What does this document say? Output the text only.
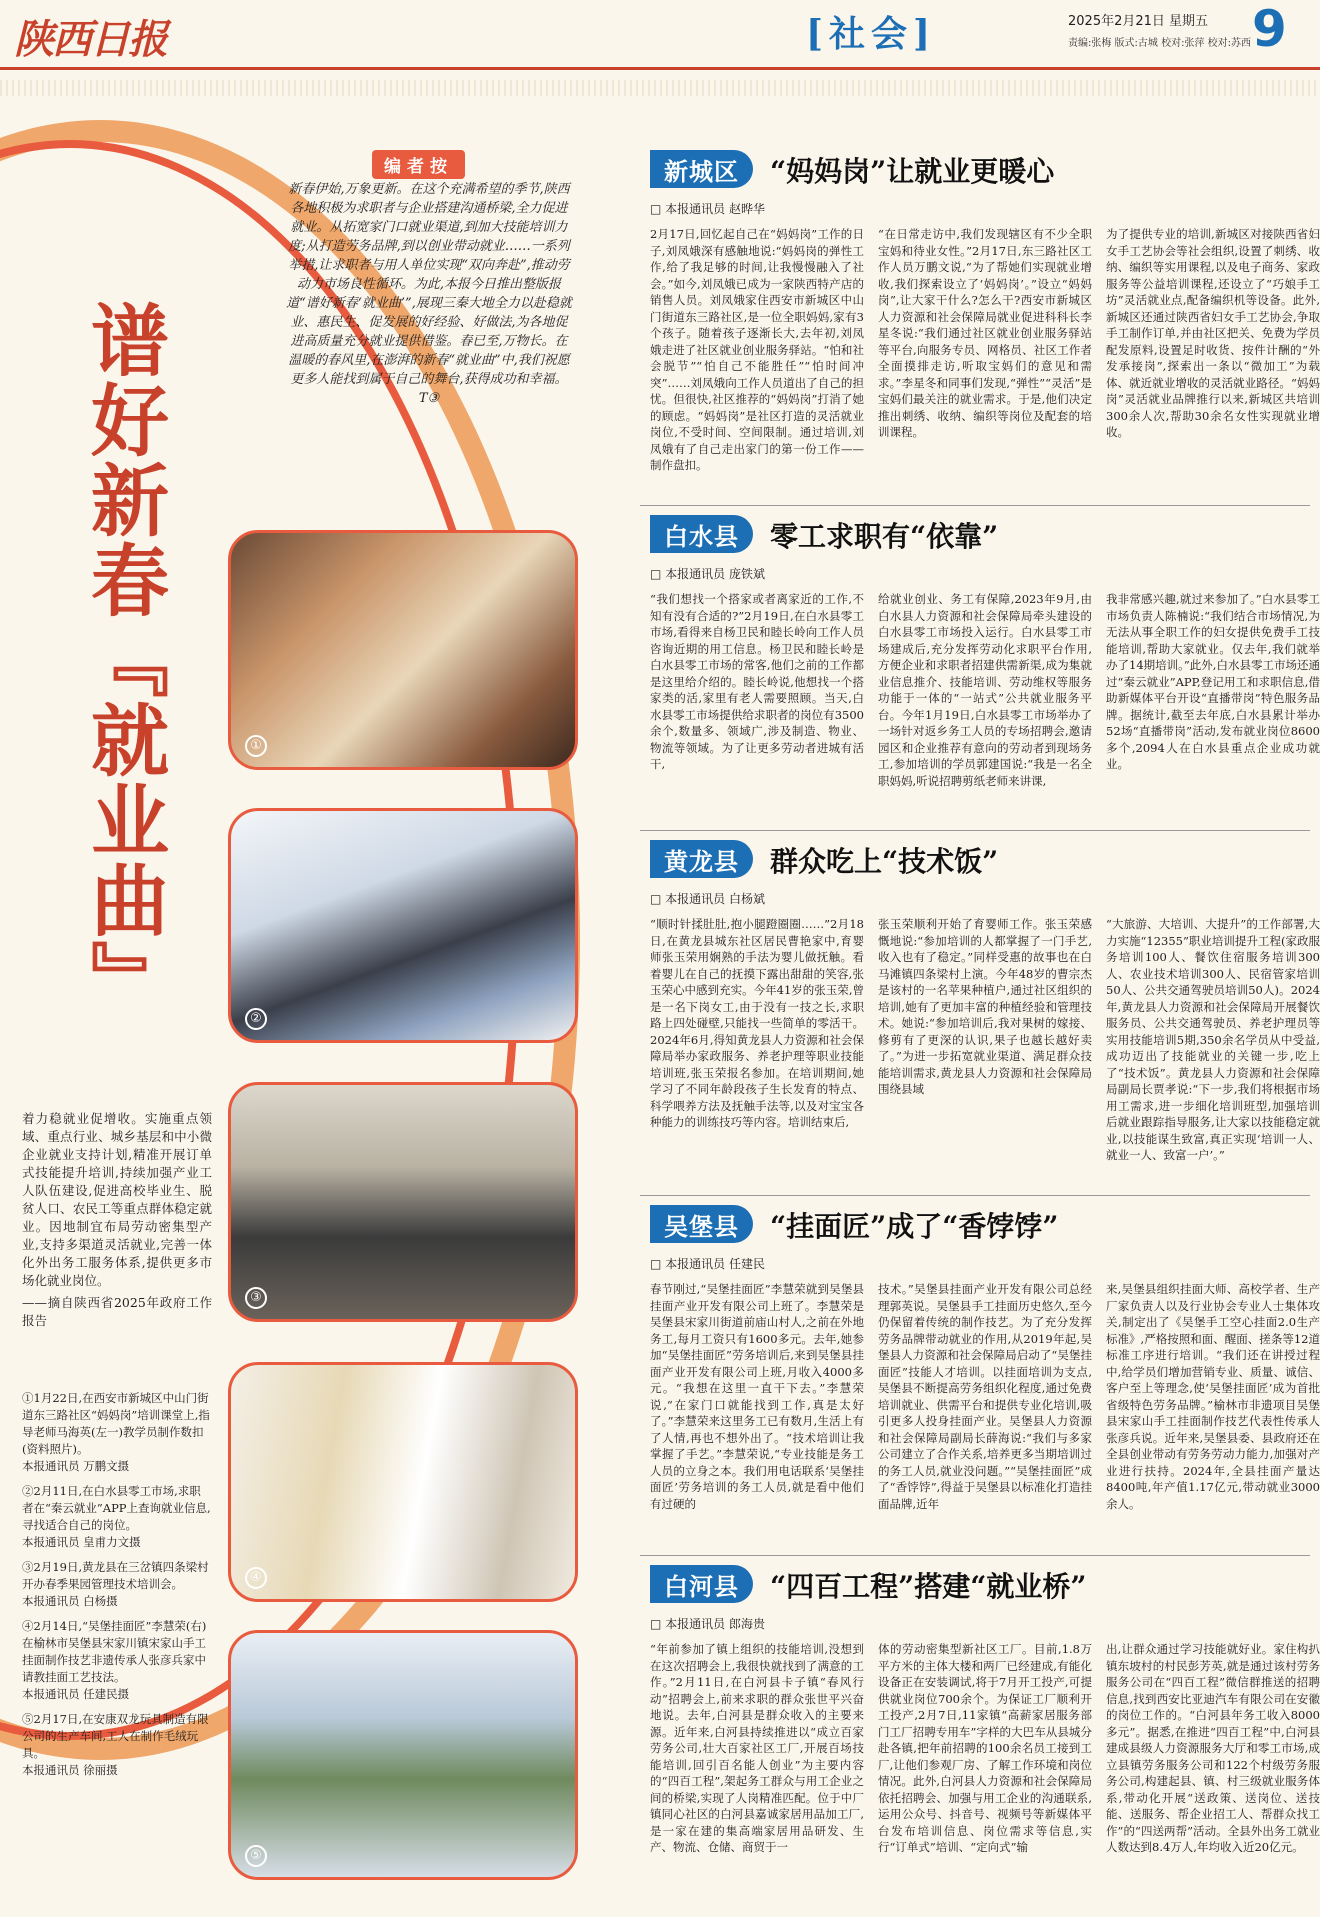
陕西日报	[社会]	2025年2月21日 星期五
责编:张梅 版式:古城 校对:张萍 校对:苏西 9
谱好新春『就业曲』
编者按
新春伊始,万象更新。在这个充满希望的季节,陕西各地积极为求职者与企业搭建沟通桥梁,全力促进就业。从拓宽家门口就业渠道,到加大技能培训力度;从打造劳务品牌,到以创业带动就业……一系列举措,让求职者与用人单位实现“双向奔赴”,推动劳动力市场良性循环。为此,本报今日推出整版报道“谱好新春‘就业曲’”,展现三秦大地全力以赴稳就业、惠民生、促发展的好经验、好做法,为各地促进高质量充分就业提供借鉴。春已至,万物长。在温暖的春风里,在澎湃的新春“就业曲”中,我们祝愿更多人能找到属于自己的舞台,获得成功和幸福。 T③
①
②
③
④
⑤
着力稳就业促增收。实施重点领域、重点行业、城乡基层和中小微企业就业支持计划,精准开展订单式技能提升培训,持续加强产业工人队伍建设,促进高校毕业生、脱贫人口、农民工等重点群体稳定就业。因地制宜布局劳动密集型产业,支持多渠道灵活就业,完善一体化外出务工服务体系,提供更多市场化就业岗位。
——摘自陕西省2025年政府工作报告
①1月22日,在西安市新城区中山门街道东三路社区“妈妈岗”培训课堂上,指导老师马海英(左一)教学员制作数扣(资料照片)。
本报通讯员 万鹏文摄
②2月11日,在白水县零工市场,求职者在“秦云就业”APP上查询就业信息,寻找适合自己的岗位。
本报通讯员 皇甫力文摄
③2月19日,黄龙县在三岔镇四条梁村开办春季果园管理技术培训会。
本报通讯员 白杨摄
④2月14日,“吴堡挂面匠”李慧荣(右)在榆林市吴堡县宋家川镇宋家山手工挂面制作技艺非遗传承人张彦兵家中请教挂面工艺技法。
本报通讯员 任建民摄
⑤2月17日,在安康双龙玩具制造有限公司的生产车间,工人在制作毛绒玩具。
本报通讯员 徐丽摄
新城区	“妈妈岗”让就业更暖心
□ 本报通讯员 赵晔华
2月17日,回忆起自己在“妈妈岗”工作的日子,刘凤娥深有感触地说:“妈妈岗的弹性工作,给了我足够的时间,让我慢慢融入了社会。”如今,刘凤娥已成为一家陕西特产店的销售人员。刘凤娥家住西安市新城区中山门街道东三路社区,是一位全职妈妈,家有3个孩子。随着孩子逐渐长大,去年初,刘凤娥走进了社区就业创业服务驿站。“怕和社会脱节”“怕自己不能胜任”“怕时间冲突”……刘凤娥向工作人员道出了自己的担忧。但很快,社区推荐的“妈妈岗”打消了她的顾虑。“妈妈岗”是社区打造的灵活就业岗位,不受时间、空间限制。通过培训,刘凤娥有了自己走出家门的第一份工作——制作盘扣。
“在日常走访中,我们发现辖区有不少全职宝妈和待业女性。”2月17日,东三路社区工作人员万鹏文说,“为了帮她们实现就业增收,我们探索设立了‘妈妈岗’。”设立“妈妈岗”,让大家干什么?怎么干?西安市新城区人力资源和社会保障局就业促进科科长李星冬说:“我们通过社区就业创业服务驿站等平台,向服务专员、网格员、社区工作者全面摸排走访,听取宝妈们的意见和需求。”李星冬和同事们发现,“弹性”“灵活”是宝妈们最关注的就业需求。于是,他们决定推出刺绣、收纳、编织等岗位及配套的培训课程。
为了提供专业的培训,新城区对接陕西省妇女手工艺协会等社会组织,设置了刺绣、收纳、编织等实用课程,以及电子商务、家政服务等公益培训课程,还设立了“巧娘手工坊”灵活就业点,配备编织机等设备。此外,新城区还通过陕西省妇女手工艺协会,争取手工制作订单,并由社区把关、免费为学员配发原料,设置足时收货、按件计酬的“外发承接岗”,探索出一条以“微加工”为载体、就近就业增收的灵活就业路径。“妈妈岗”灵活就业品牌推行以来,新城区共培训300余人次,帮助30余名女性实现就业增收。
白水县	零工求职有“依靠”
□ 本报通讯员 庞铁斌
“我们想找一个搭家或者离家近的工作,不知有没有合适的?”2月19日,在白水县零工市场,看得来自杨卫民和睦长岭向工作人员咨询近期的用工信息。杨卫民和睦长岭是白水县零工市场的常客,他们之前的工作都是这里给介绍的。睦长岭说,他想找一个搭家类的活,家里有老人需要照顾。当天,白水县零工市场提供给求职者的岗位有3500余个,数量多、领域广,涉及制造、物业、物流等领域。为了让更多劳动者进城有活干,
给就业创业、务工有保障,2023年9月,由白水县人力资源和社会保障局牵头建设的白水县零工市场投入运行。白水县零工市场建成后,充分发挥劳动化求职平台作用,方便企业和求职者招建供需新渠,成为集就业信息推介、技能培训、劳动维权等服务功能于一体的“一站式”公共就业服务平台。今年1月19日,白水县零工市场举办了一场针对返乡务工人员的专场招聘会,邀请园区和企业推荐有意向的劳动者到现场务工,参加培训的学员郭建国说:“我是一名全职妈妈,听说招聘剪纸老师来讲课,
我非常感兴趣,就过来参加了。”白水县零工市场负责人陈楠说:“我们结合市场情况,为无法从事全职工作的妇女提供免费手工技能培训,帮助大家就业。仅去年,我们就举办了14期培训。”此外,白水县零工市场还通过“秦云就业”APP,登记用工和求职信息,借助新媒体平台开设“直播带岗”特色服务品牌。据统计,截至去年底,白水县累计举办52场“直播带岗”活动,发布就业岗位8600多个,2094人在白水县重点企业成功就业。
黄龙县	群众吃上“技术饭”
□ 本报通讯员 白杨斌
“顺时针揉肚肚,抱小腿蹬圈圈……”2月18日,在黄龙县城东社区居民曹艳家中,育婴师张玉荣用娴熟的手法为婴儿做抚触。看着婴儿在自己的抚摸下露出甜甜的笑容,张玉荣心中感到充实。今年41岁的张玉荣,曾是一名下岗女工,由于没有一技之长,求职路上四处碰壁,只能找一些简单的零活干。2024年6月,得知黄龙县人力资源和社会保障局举办家政服务、养老护理等职业技能培训班,张玉荣报名参加。在培训期间,她学习了不同年龄段孩子生长发育的特点、科学喂养方法及抚触手法等,以及对宝宝各种能力的训练技巧等内容。培训结束后,
张玉荣顺利开始了育婴师工作。张玉荣感慨地说:“参加培训的人都掌握了一门手艺,收入也有了稳定。”同样受惠的故事也在白马滩镇四条梁村上演。今年48岁的曹宗杰是该村的一名苹果种植户,通过社区组织的培训,她有了更加丰富的种植经验和管理技术。她说:“参加培训后,我对果树的嫁接、修剪有了更深的认识,果子也越长越好卖了。”为进一步拓宽就业渠道、满足群众技能培训需求,黄龙县人力资源和社会保障局围绕县域
“大旅游、大培训、大提升”的工作部署,大力实施“12355”职业培训提升工程(家政服务培训100人、餐饮住宿服务培训300人、农业技术培训300人、民宿管家培训50人、公共交通驾驶员培训50人)。2024年,黄龙县人力资源和社会保障局开展餐饮服务员、公共交通驾驶员、养老护理员等实用技能培训5期,350余名学员从中受益,成功迈出了技能就业的关键一步,吃上了“技术饭”。黄龙县人力资源和社会保障局副局长贾孝说:“下一步,我们将根据市场用工需求,进一步细化培训班型,加强培训后就业跟踪指导服务,让大家以技能稳定就业,以技能谋生致富,真正实现‘培训一人、就业一人、致富一户’。”
吴堡县	“挂面匠”成了“香饽饽”
□ 本报通讯员 任建民
春节刚过,“吴堡挂面匠”李慧荣就到吴堡县挂面产业开发有限公司上班了。李慧荣是吴堡县宋家川街道前庙山村人,之前在外地务工,每月工资只有1600多元。去年,她参加“吴堡挂面匠”劳务培训后,来到吴堡县挂面产业开发有限公司上班,月收入4000多元。“我想在这里一直干下去。”李慧荣说,“在家门口就能找到工作,真是太好了。”李慧荣来这里务工已有数月,生活上有了人情,再也不想外出了。“技术培训让我掌握了手艺。”李慧荣说,“专业技能是务工人员的立身之本。我们用电话联系‘吴堡挂面匠’劳务培训的务工人员,就是看中他们有过硬的
技术。”吴堡县挂面产业开发有限公司总经理郭英说。吴堡县手工挂面历史悠久,至今仍保留着传统的制作技艺。为了充分发挥劳务品牌带动就业的作用,从2019年起,吴堡县人力资源和社会保障局启动了“吴堡挂面匠”技能人才培训。以挂面培训为支点,吴堡县不断提高劳务组织化程度,通过免费培训就业、供需平台和提供专业化培训,吸引更多人投身挂面产业。吴堡县人力资源和社会保障局副局长薛海说:“我们与多家公司建立了合作关系,培养更多当期培训过的务工人员,就业没问题。”“吴堡挂面匠”成了“香饽饽”,得益于吴堡县以标准化打造挂面品牌,近年
来,吴堡县组织挂面大师、高校学者、生产厂家负责人以及行业协会专业人士集体攻关,制定出了《吴堡手工空心挂面2.0生产标准》,严格按照和面、醒面、搓条等12道标准工序进行培训。“我们还在讲授过程中,给学员们增加营销专业、质量、诚信、客户至上等理念,使‘吴堡挂面匠’成为首批省级特色劳务品牌。”榆林市非遗项目吴堡县宋家山手工挂面制作技艺代表性传承人张彦兵说。近年来,吴堡县委、县政府还在全县创业带动有劳务劳动力能力,加强对产业进行扶持。2024年,全县挂面产量达8400吨,年产值1.17亿元,带动就业3000余人。
白河县	“四百工程”搭建“就业桥”
□ 本报通讯员 郎海贵
“年前参加了镇上组织的技能培训,没想到在这次招聘会上,我很快就找到了满意的工作。”2月11日,在白河县卡子镇“春风行动”招聘会上,前来求职的群众张世平兴奋地说。去年,白河县是群众收入的主要来源。近年来,白河县持续推进以“成立百家劳务公司,壮大百家社区工厂,开展百场技能培训,回引百名能人创业”为主要内容的“四百工程”,架起务工群众与用工企业之间的桥梁,实现了人岗精准匹配。位于中厂镇同心社区的白河县嘉诚家居用品加工厂,是一家在建的集高端家居用品研发、生产、物流、仓储、商贸于一
体的劳动密集型新社区工厂。目前,1.8万平方米的主体大楼和两厂已经建成,有能化设备正在安装调试,将于7月开工投产,可提供就业岗位700余个。为保证工厂顺利开工投产,2月7日,11家镇“高薪家居服务部门工厂招聘专用车”字样的大巴车从县城分赴各镇,把年前招聘的100余名员工接到工厂,让他们参观厂房、了解工作环境和岗位情况。此外,白河县人力资源和社会保障局依托招聘会、加强与用工企业的沟通联系,运用公众号、抖音号、视频号等新媒体平台发布培训信息、岗位需求等信息,实行“订单式”培训、“定向式”输
出,让群众通过学习技能就好业。家住构扒镇东坡村的村民彭芳英,就是通过该村劳务服务公司在“四百工程”微信群推送的招聘信息,找到西安比亚迪汽车有限公司在安徽的岗位工作的。“白河县年务工收入8000多元”。据悉,在推进“四百工程”中,白河县建成县级人力资源服务大厅和零工市场,成立县镇劳务服务公司和122个村级劳务服务公司,构建起县、镇、村三级就业服务体系,带动化开展“送政策、送岗位、送技能、送服务、帮企业招工人、帮群众找工作”的“四送两帮”活动。全县外出务工就业人数达到8.4万人,年均收入近20亿元。
